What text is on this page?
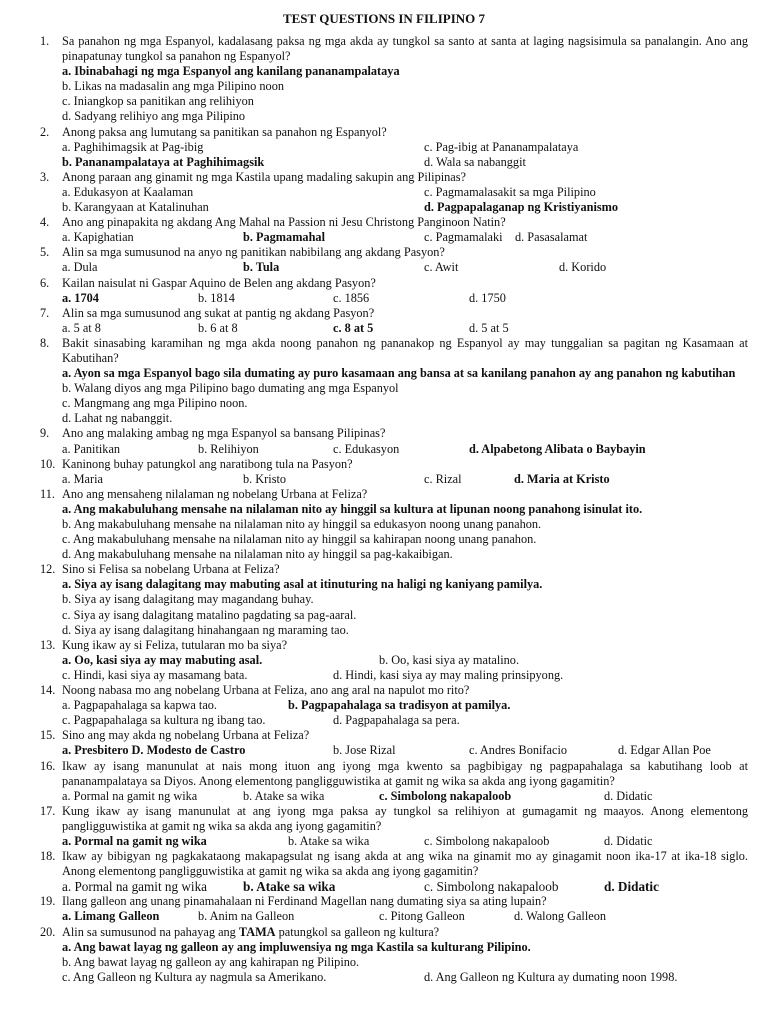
TEST QUESTIONS IN FILIPINO 7
1. Sa panahon ng mga Espanyol, kadalasang paksa ng mga akda ay tungkol sa santo at santa at laging nagsisimula sa panalangin. Ano ang pinapatunay tungkol sa panahon ng Espanyol?
a. Ibinabahagi ng mga Espanyol ang kanilang pananampalataya
b. Likas na madasalin ang mga Pilipino noon
c. Iniangkop sa panitikan ang relihiyon
d. Sadyang relihiyo ang mga Pilipino
2. Anong paksa ang lumutang sa panitikan sa panahon ng Espanyol?
a. Paghihimagsik at Pag-ibig	c. Pag-ibig at Pananampalataya
b. Pananampalataya at Paghihimagsik	d. Wala sa nabanggit
3. Anong paraan ang ginamit ng mga Kastila upang madaling sakupin ang Pilipinas?
a. Edukasyon at Kaalaman	c. Pagmamalasakit sa mga Pilipino
b. Karangyaan at Katalinuhan	d. Pagpapalaganap ng Kristiyanismo
4. Ano ang pinapakita ng akdang Ang Mahal na Passion ni Jesu Christong Panginoon Natin?
a. Kapighatian	b. Pagmamahal	c. Pagmamalaki d. Pasasalamat
5. Alin sa mga sumusunod na anyo ng panitikan nabibilang ang akdang Pasyon?
a. Dula	b. Tula	c. Awit	d. Korido
6. Kailan naisulat ni Gaspar Aquino de Belen ang akdang Pasyon?
a. 1704	b. 1814	c. 1856	d. 1750
7. Alin sa mga sumusunod ang sukat at pantig ng akdang Pasyon?
a. 5 at 8	b. 6 at 8	c. 8 at 5	d. 5 at 5
8. Bakit sinasabing karamihan ng mga akda noong panahon ng pananakop ng Espanyol ay may tunggalian sa pagitan ng Kasamaan at Kabutihan?
a. Ayon sa mga Espanyol bago sila dumating ay puro kasamaan ang bansa at sa kanilang panahon ay ang panahon ng kabutihan
b. Walang diyos ang mga Pilipino bago dumating ang mga Espanyol
c. Mangmang ang mga Pilipino noon.
d. Lahat ng nabanggit.
9. Ano ang malaking ambag ng mga Espanyol sa bansang Pilipinas?
a. Panitikan	b. Relihiyon	c. Edukasyon	d. Alpabetong Alibata o Baybayin
10. Kaninong buhay patungkol ang naratibong tula na Pasyon?
a. Maria	b. Kristo	c. Rizal	d. Maria at Kristo
11. Ano ang mensaheng nilalaman ng nobelang Urbana at Feliza?
a. Ang makabuluhang mensahe na nilalaman nito ay hinggil sa kultura at lipunan noong panahong isinulat ito.
b. Ang makabuluhang mensahe na nilalaman nito ay hinggil sa edukasyon noong unang panahon.
c. Ang makabuluhang mensahe na nilalaman nito ay hinggil sa kahirapan noong unang panahon.
d. Ang makabuluhang mensahe na nilalaman nito ay hinggil sa pag-kakaibigan.
12. Sino si Felisa sa nobelang Urbana at Feliza?
a. Siya ay isang dalagitang may mabuting asal at itinuturing na haligi ng kaniyang pamilya.
b. Siya ay isang dalagitang may magandang buhay.
c. Siya ay isang dalagitang matalino pagdating sa pag-aaral.
d. Siya ay isang dalagitang hinahangaan ng maraming tao.
13. Kung ikaw ay si Feliza, tutularan mo ba siya?
a. Oo, kasi siya ay may mabuting asal.	b. Oo, kasi siya ay matalino.
c. Hindi, kasi siya ay masamang bata.	d. Hindi, kasi siya ay may maling prinsipyong.
14. Noong nabasa mo ang nobelang Urbana at Feliza, ano ang aral na napulot mo rito?
a. Pagpapahalaga sa kapwa tao.	b. Pagpapahalaga sa tradisyon at pamilya.
c. Pagpapahalaga sa kultura ng ibang tao.	d. Pagpapahalaga sa pera.
15. Sino ang may akda ng nobelang Urbana at Feliza?
a. Presbitero D. Modesto de Castro	b. Jose Rizal	c. Andres Bonifacio	d. Edgar Allan Poe
16. Ikaw ay isang manunulat at nais mong ituon ang iyong mga kwento sa pagbibigay ng pagpapahalaga sa kabutihang loob at pananampalataya sa Diyos. Anong elementong pangligguwistika at gamit ng wika sa akda ang iyong gagamitin?
a. Pormal na gamit ng wika	b. Atake sa wika	c. Simbolong nakapaloob	d. Didatic
17. Kung ikaw ay isang manunulat at ang iyong mga paksa ay tungkol sa relihiyon at gumagamit ng maayos. Anong elementong pangligguwistika at gamit ng wika sa akda ang iyong gagamitin?
a. Pormal na gamit ng wika	b. Atake sa wika	c. Simbolong nakapaloob	d. Didatic
18. Ikaw ay bibigyan ng pagkakataong makapagsulat ng isang akda at ang wika na ginamit mo ay ginagamit noon ika-17 at ika-18 siglo. Anong elementong pangligguwistika at gamit ng wika sa akda ang iyong gagamitin?
a. Pormal na gamit ng wika	b. Atake sa wika	c. Simbolong nakapaloob	d. Didatic
19. Ilang galleon ang unang pinamahalaan ni Ferdinand Magellan nang dumating siya sa ating lupain?
a. Limang Galleon	b. Anim na Galleon	c. Pitong Galleon	d. Walong Galleon
20. Alin sa sumusunod na pahayag ang TAMA patungkol sa galleon ng kultura?
a. Ang bawat layag ng galleon ay ang impluwensiya ng mga Kastila sa kulturang Pilipino.
b. Ang bawat layag ng galleon ay ang kahirapan ng Pilipino.
c. Ang Galleon ng Kultura ay nagmula sa Amerikano.	d. Ang Galleon ng Kultura ay dumating noon 1998.
